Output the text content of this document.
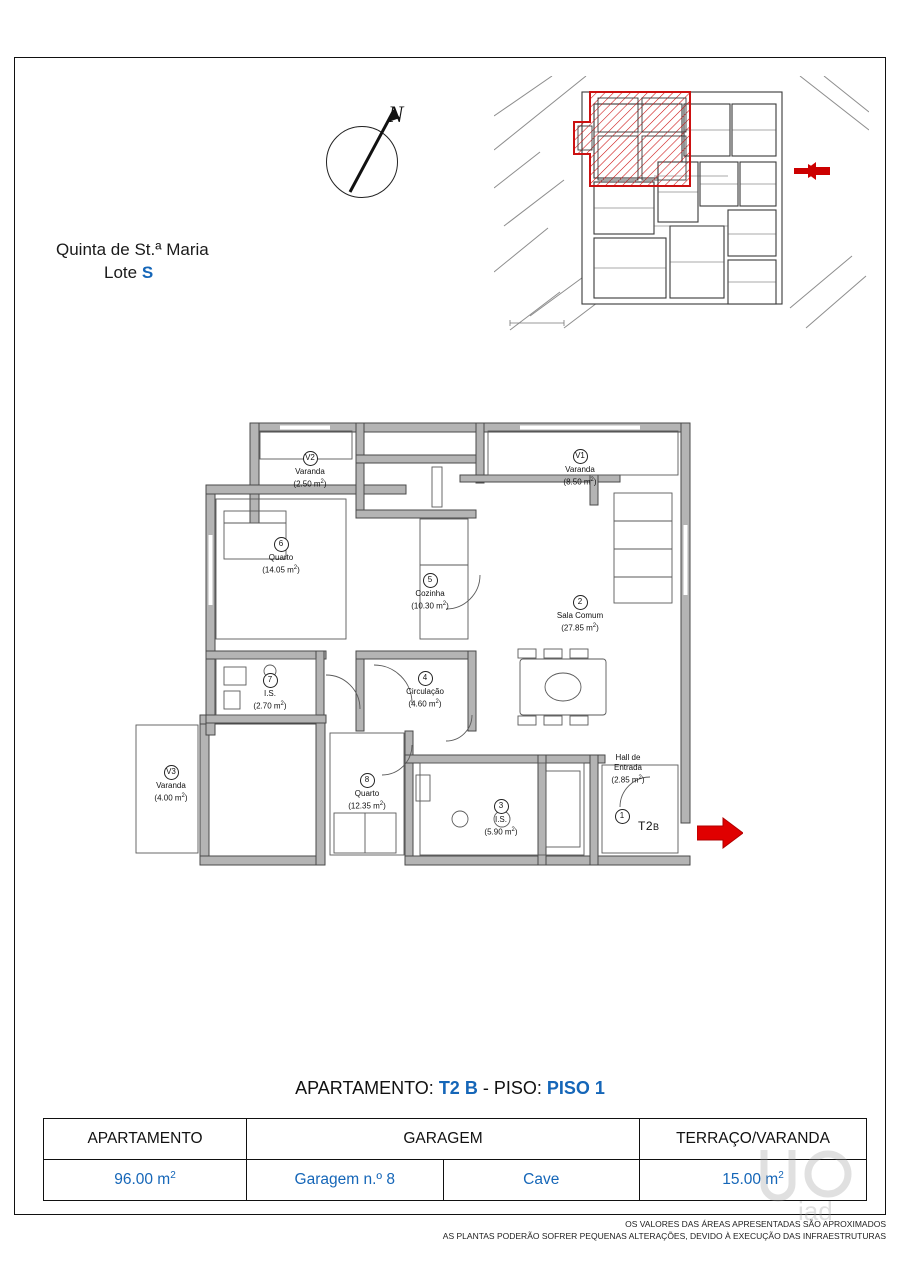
N
Quinta de St.ª Maria
Lote S
V2
Varanda
(2.50 $m^2$)
V1
Varanda
(8.50 $m^2$)
6
Quarto
(14.05 $m^2$)
5
Cozinha
(10.30 $m^2$)
2
Sala Comum
(27.85 $m^2$)
7
I.S.
(2.70 $m^2$)
4
Circulação
(4.60 $m^2$)
V3
Varanda
(4.00 $m^2$)
8
Quarto
(12.35 $m^2$)	3
I.S.
(5.90 $m^2$)
Hall de
Entrada
(2.85 $m^2$)
1
T2B
APARTAMENTO: T2 B - PISO: PISO 1
APARTAMENTO	GARAGEM		TERRAÇO/VARANDA
96.00 $m^2$	Garagem n.º 8	Cave	15.00 $m^2$
iad
OS VALORES DAS ÁREAS APRESENTADAS SÃO APROXIMADOS
AS PLANTAS PODERÃO SOFRER PEQUENAS ALTERAÇÕES, DEVIDO À EXECUÇÃO DAS INFRAESTRUTURAS
